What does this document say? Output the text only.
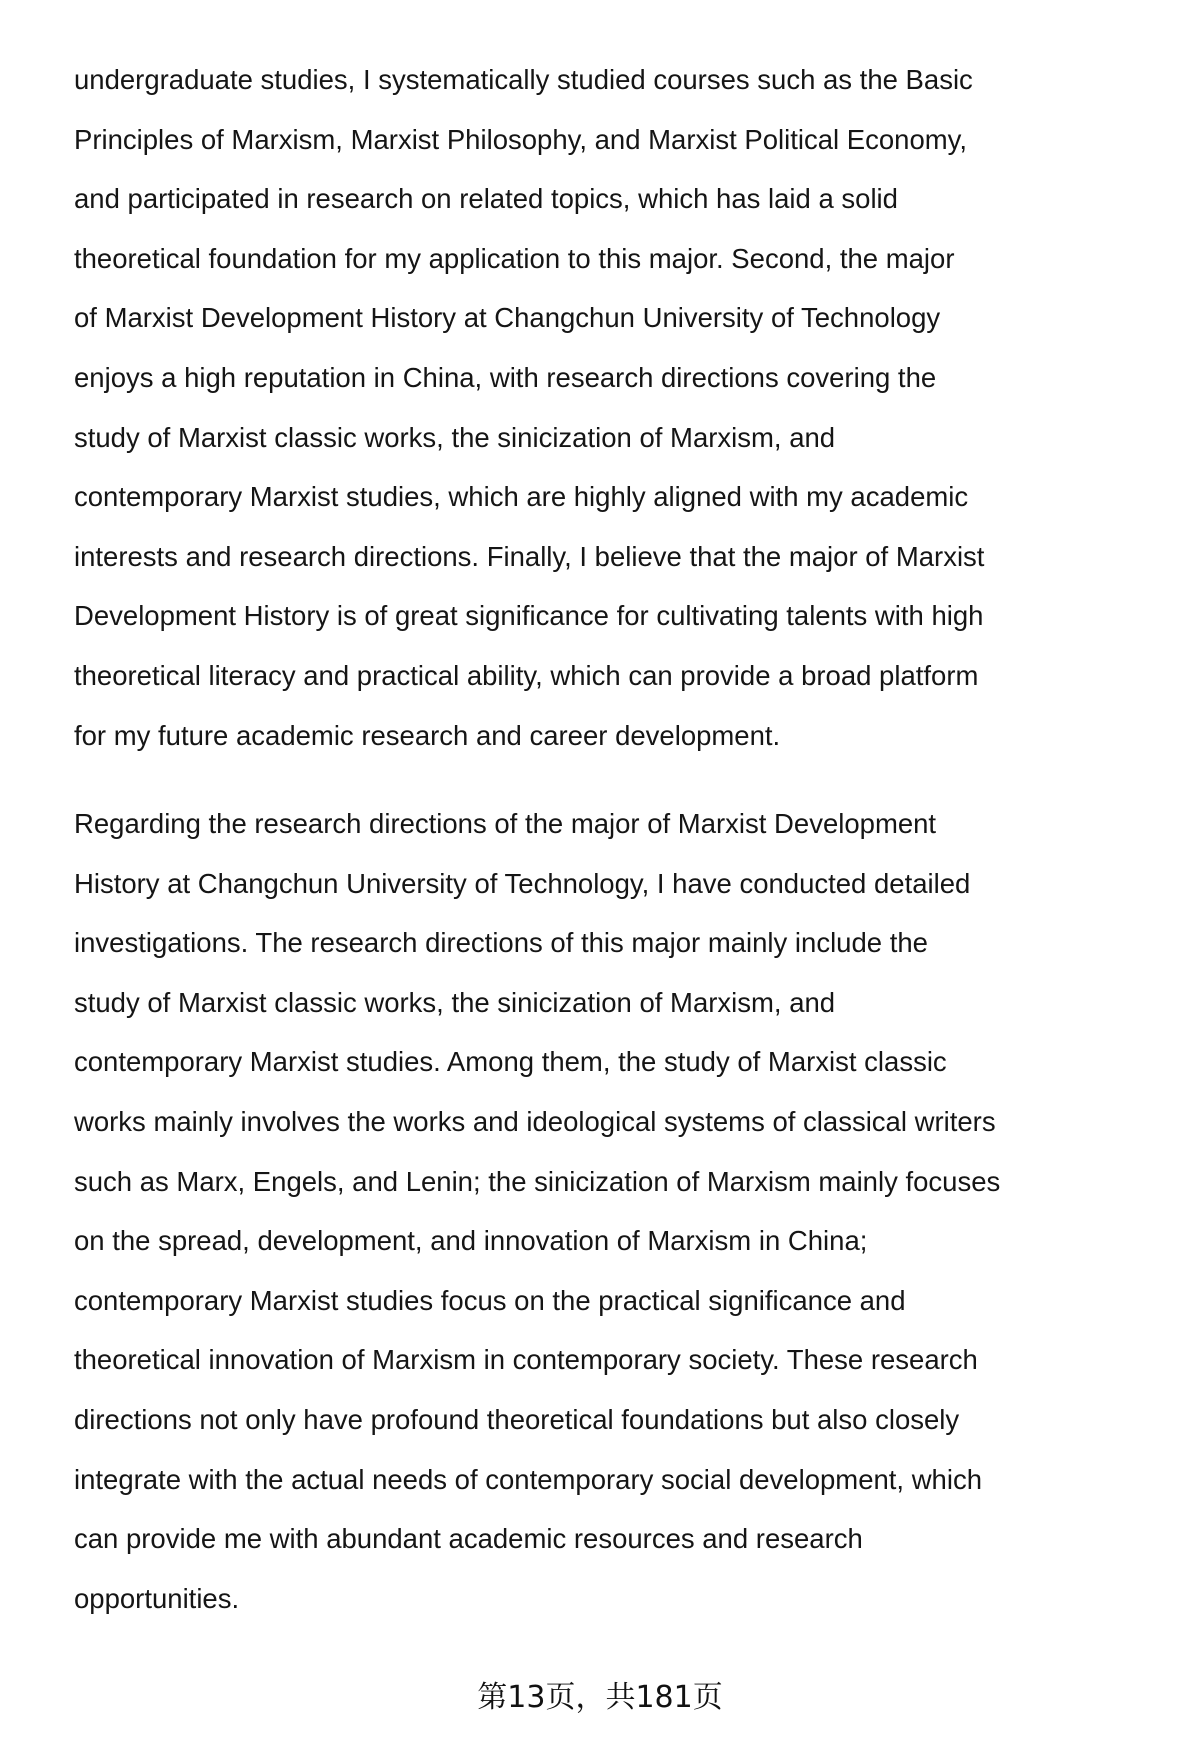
undergraduate studies, I systematically studied courses such as the Basic
Principles of Marxism, Marxist Philosophy, and Marxist Political Economy,
and participated in research on related topics, which has laid a solid
theoretical foundation for my application to this major. Second, the major
of Marxist Development History at Changchun University of Technology
enjoys a high reputation in China, with research directions covering the
study of Marxist classic works, the sinicization of Marxism, and
contemporary Marxist studies, which are highly aligned with my academic
interests and research directions. Finally, I believe that the major of Marxist
Development History is of great significance for cultivating talents with high
theoretical literacy and practical ability, which can provide a broad platform
for my future academic research and career development.
Regarding the research directions of the major of Marxist Development
History at Changchun University of Technology, I have conducted detailed
investigations. The research directions of this major mainly include the
study of Marxist classic works, the sinicization of Marxism, and
contemporary Marxist studies. Among them, the study of Marxist classic
works mainly involves the works and ideological systems of classical writers
such as Marx, Engels, and Lenin; the sinicization of Marxism mainly focuses
on the spread, development, and innovation of Marxism in China;
contemporary Marxist studies focus on the practical significance and
theoretical innovation of Marxism in contemporary society. These research
directions not only have profound theoretical foundations but also closely
integrate with the actual needs of contemporary social development, which
can provide me with abundant academic resources and research
opportunities.
第13页，共181页
